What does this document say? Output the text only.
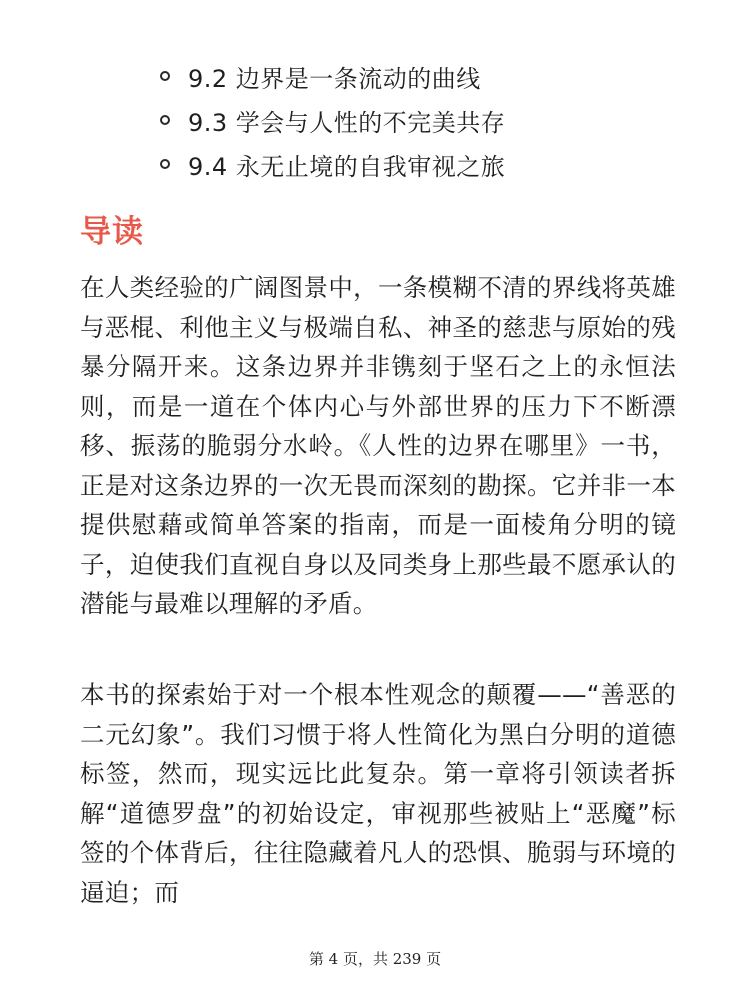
9.2 边界是一条流动的曲线
9.3 学会与人性的不完美共存
9.4 永无止境的自我审视之旅
导读

在人类经验的广阔图景中，一条模糊不清的界线将英雄与恶棍、利他主义与极端自私、神圣的慈悲与原始的残暴分隔开来。这条边界并非镌刻于坚石之上的永恒法则，而是一道在个体内心与外部世界的压力下不断漂移、振荡的脆弱分水岭。《人性的边界在哪里》一书，正是对这条边界的一次无畏而深刻的勘探。它并非一本提供慰藉或简单答案的指南，而是一面棱角分明的镜子，迫使我们直视自身以及同类身上那些最不愿承认的潜能与最难以理解的矛盾。

本书的探索始于对一个根本性观念的颠覆——“善恶的二元幻象”。我们习惯于将人性简化为黑白分明的道德标签，然而，现实远比此复杂。第一章将引领读者拆解“道德罗盘”的初始设定，审视那些被贴上“恶魔”标签的个体背后，往往隐藏着凡人的恐惧、脆弱与环境的逼迫；而

第 4 页，共 239 页
